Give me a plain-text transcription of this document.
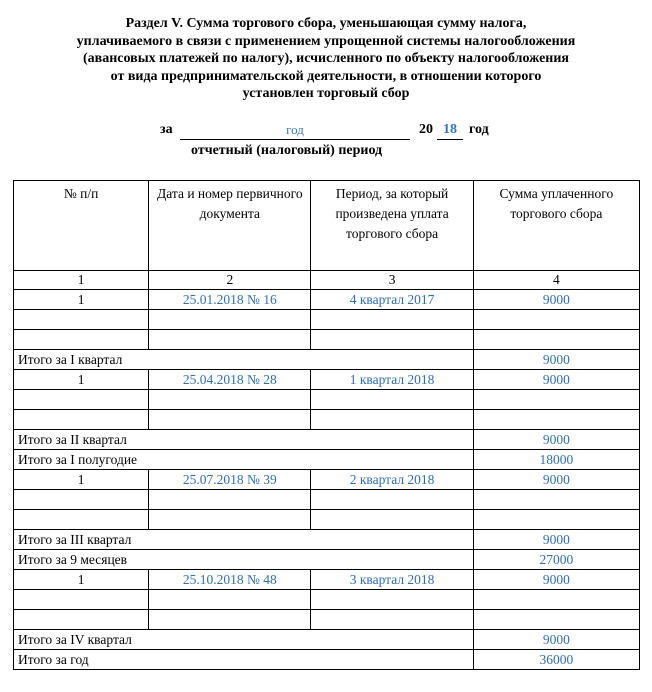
Раздел V. Сумма торгового сбора, уменьшающая сумму налога,
уплачиваемого в связи с применением упрощенной системы налогообложения
(авансовых платежей по налогу), исчисленного по объекту налогообложения
от вида предпринимательской деятельности, в отношении которого
установлен торговый сбор
за	год	20 18 год
отчетный (налоговый) период
№ п/п	Дата и номер первичного документа	Период, за который произведена уплата торгового сбора	Сумма уплаченного торгового сбора
1	2	3	4
1	25.01.2018 № 16	4 квартал 2017	9000

Итого за I квартал			9000
1	25.04.2018 № 28	1 квартал 2018	9000

Итого за II квартал			9000
Итого за I полугодие			18000
1	25.07.2018 № 39	2 квартал 2018	9000

Итого за III квартал			9000
Итого за 9 месяцев			27000
1	25.10.2018 № 48	3 квартал 2018	9000

Итого за IV квартал			9000
Итого за год			36000
